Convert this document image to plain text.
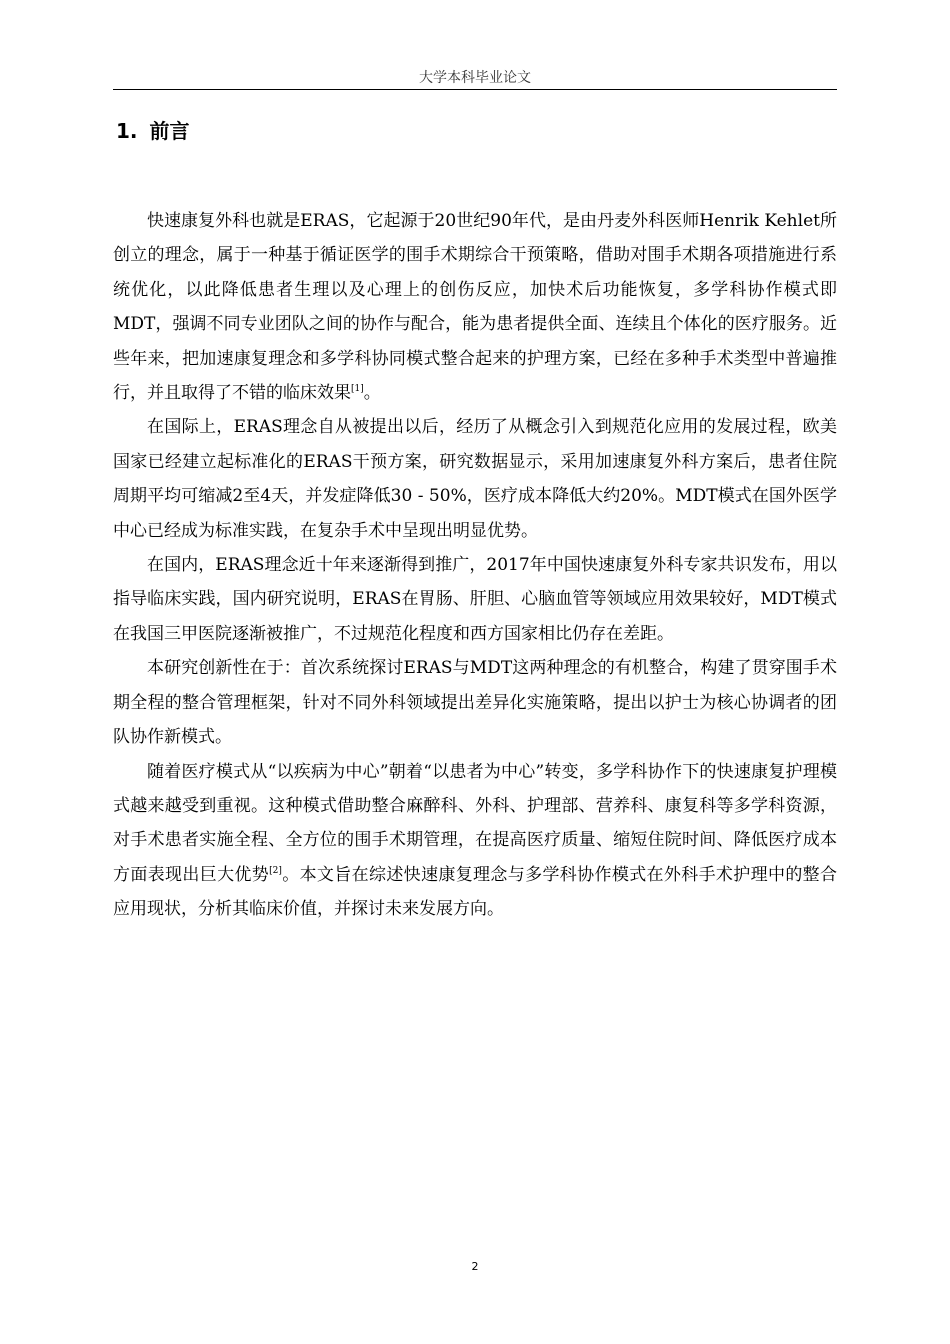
大学本科毕业论文
1. 前言

快速康复外科也就是ERAS，它起源于20世纪90年代，是由丹麦外科医师Henrik Kehlet所创立的理念，属于一种基于循证医学的围手术期综合干预策略，借助对围手术期各项措施进行系统优化，以此降低患者生理以及心理上的创伤反应，加快术后功能恢复，多学科协作模式即MDT，强调不同专业团队之间的协作与配合，能为患者提供全面、连续且个体化的医疗服务。近些年来，把加速康复理念和多学科协同模式整合起来的护理方案，已经在多种手术类型中普遍推行，并且取得了不错的临床效果[1]。

在国际上，ERAS理念自从被提出以后，经历了从概念引入到规范化应用的发展过程，欧美国家已经建立起标准化的ERAS干预方案，研究数据显示，采用加速康复外科方案后，患者住院周期平均可缩减2至4天，并发症降低30 - 50%，医疗成本降低大约20%。MDT模式在国外医学中心已经成为标准实践，在复杂手术中呈现出明显优势。

在国内，ERAS理念近十年来逐渐得到推广，2017年中国快速康复外科专家共识发布，用以指导临床实践，国内研究说明，ERAS在胃肠、肝胆、心脑血管等领域应用效果较好，MDT模式在我国三甲医院逐渐被推广，不过规范化程度和西方国家相比仍存在差距。

本研究创新性在于：首次系统探讨ERAS与MDT这两种理念的有机整合，构建了贯穿围手术期全程的整合管理框架，针对不同外科领域提出差异化实施策略，提出以护士为核心协调者的团队协作新模式。

随着医疗模式从“以疾病为中心”朝着“以患者为中心”转变，多学科协作下的快速康复护理模式越来越受到重视。这种模式借助整合麻醉科、外科、护理部、营养科、康复科等多学科资源，对手术患者实施全程、全方位的围手术期管理，在提高医疗质量、缩短住院时间、降低医疗成本方面表现出巨大优势[2]。本文旨在综述快速康复理念与多学科协作模式在外科手术护理中的整合应用现状，分析其临床价值，并探讨未来发展方向。

2
